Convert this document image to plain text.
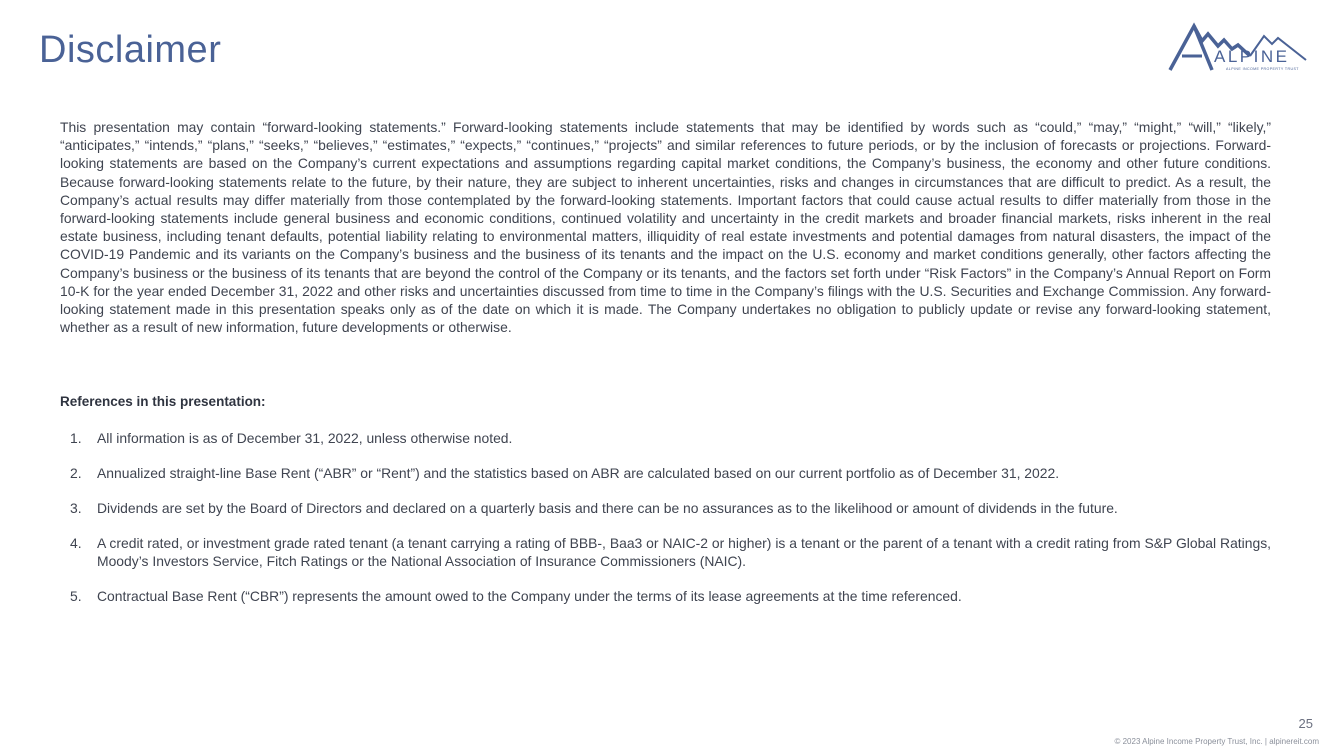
Disclaimer	ALPINE
ALPINE INCOME PROPERTY TRUST

This presentation may contain “forward-looking statements.” Forward-looking statements include statements that may be identified by words such as “could,” “may,” “might,” “will,” “likely,” “anticipates,” “intends,” “plans,” “seeks,” “believes,” “estimates,” “expects,” “continues,” “projects” and similar references to future periods, or by the inclusion of forecasts or projections. Forward-looking statements are based on the Company’s current expectations and assumptions regarding capital market conditions, the Company’s business, the economy and other future conditions. Because forward-looking statements relate to the future, by their nature, they are subject to inherent uncertainties, risks and changes in circumstances that are difficult to predict. As a result, the Company’s actual results may differ materially from those contemplated by the forward-looking statements. Important factors that could cause actual results to differ materially from those in the forward-looking statements include general business and economic conditions, continued volatility and uncertainty in the credit markets and broader financial markets, risks inherent in the real estate business, including tenant defaults, potential liability relating to environmental matters, illiquidity of real estate investments and potential damages from natural disasters, the impact of the COVID-19 Pandemic and its variants on the Company’s business and the business of its tenants and the impact on the U.S. economy and market conditions generally, other factors affecting the Company’s business or the business of its tenants that are beyond the control of the Company or its tenants, and the factors set forth under “Risk Factors” in the Company’s Annual Report on Form 10-K for the year ended December 31, 2022 and other risks and uncertainties discussed from time to time in the Company’s filings with the U.S. Securities and Exchange Commission. Any forward-looking statement made in this presentation speaks only as of the date on which it is made. The Company undertakes no obligation to publicly update or revise any forward-looking statement, whether as a result of new information, future developments or otherwise.

References in this presentation:

1.	All information is as of December 31, 2022, unless otherwise noted.
2.	Annualized straight-line Base Rent (“ABR” or “Rent”) and the statistics based on ABR are calculated based on our current portfolio as of December 31, 2022.
3.	Dividends are set by the Board of Directors and declared on a quarterly basis and there can be no assurances as to the likelihood or amount of dividends in the future.
4.	A credit rated, or investment grade rated tenant (a tenant carrying a rating of BBB-, Baa3 or NAIC-2 or higher) is a tenant or the parent of a tenant with a credit rating from S&P Global Ratings, Moody’s Investors Service, Fitch Ratings or the National Association of Insurance Commissioners (NAIC).
5.	Contractual Base Rent (“CBR”) represents the amount owed to the Company under the terms of its lease agreements at the time referenced.
25
© 2023 Alpine Income Property Trust, Inc. | alpinereit.com
